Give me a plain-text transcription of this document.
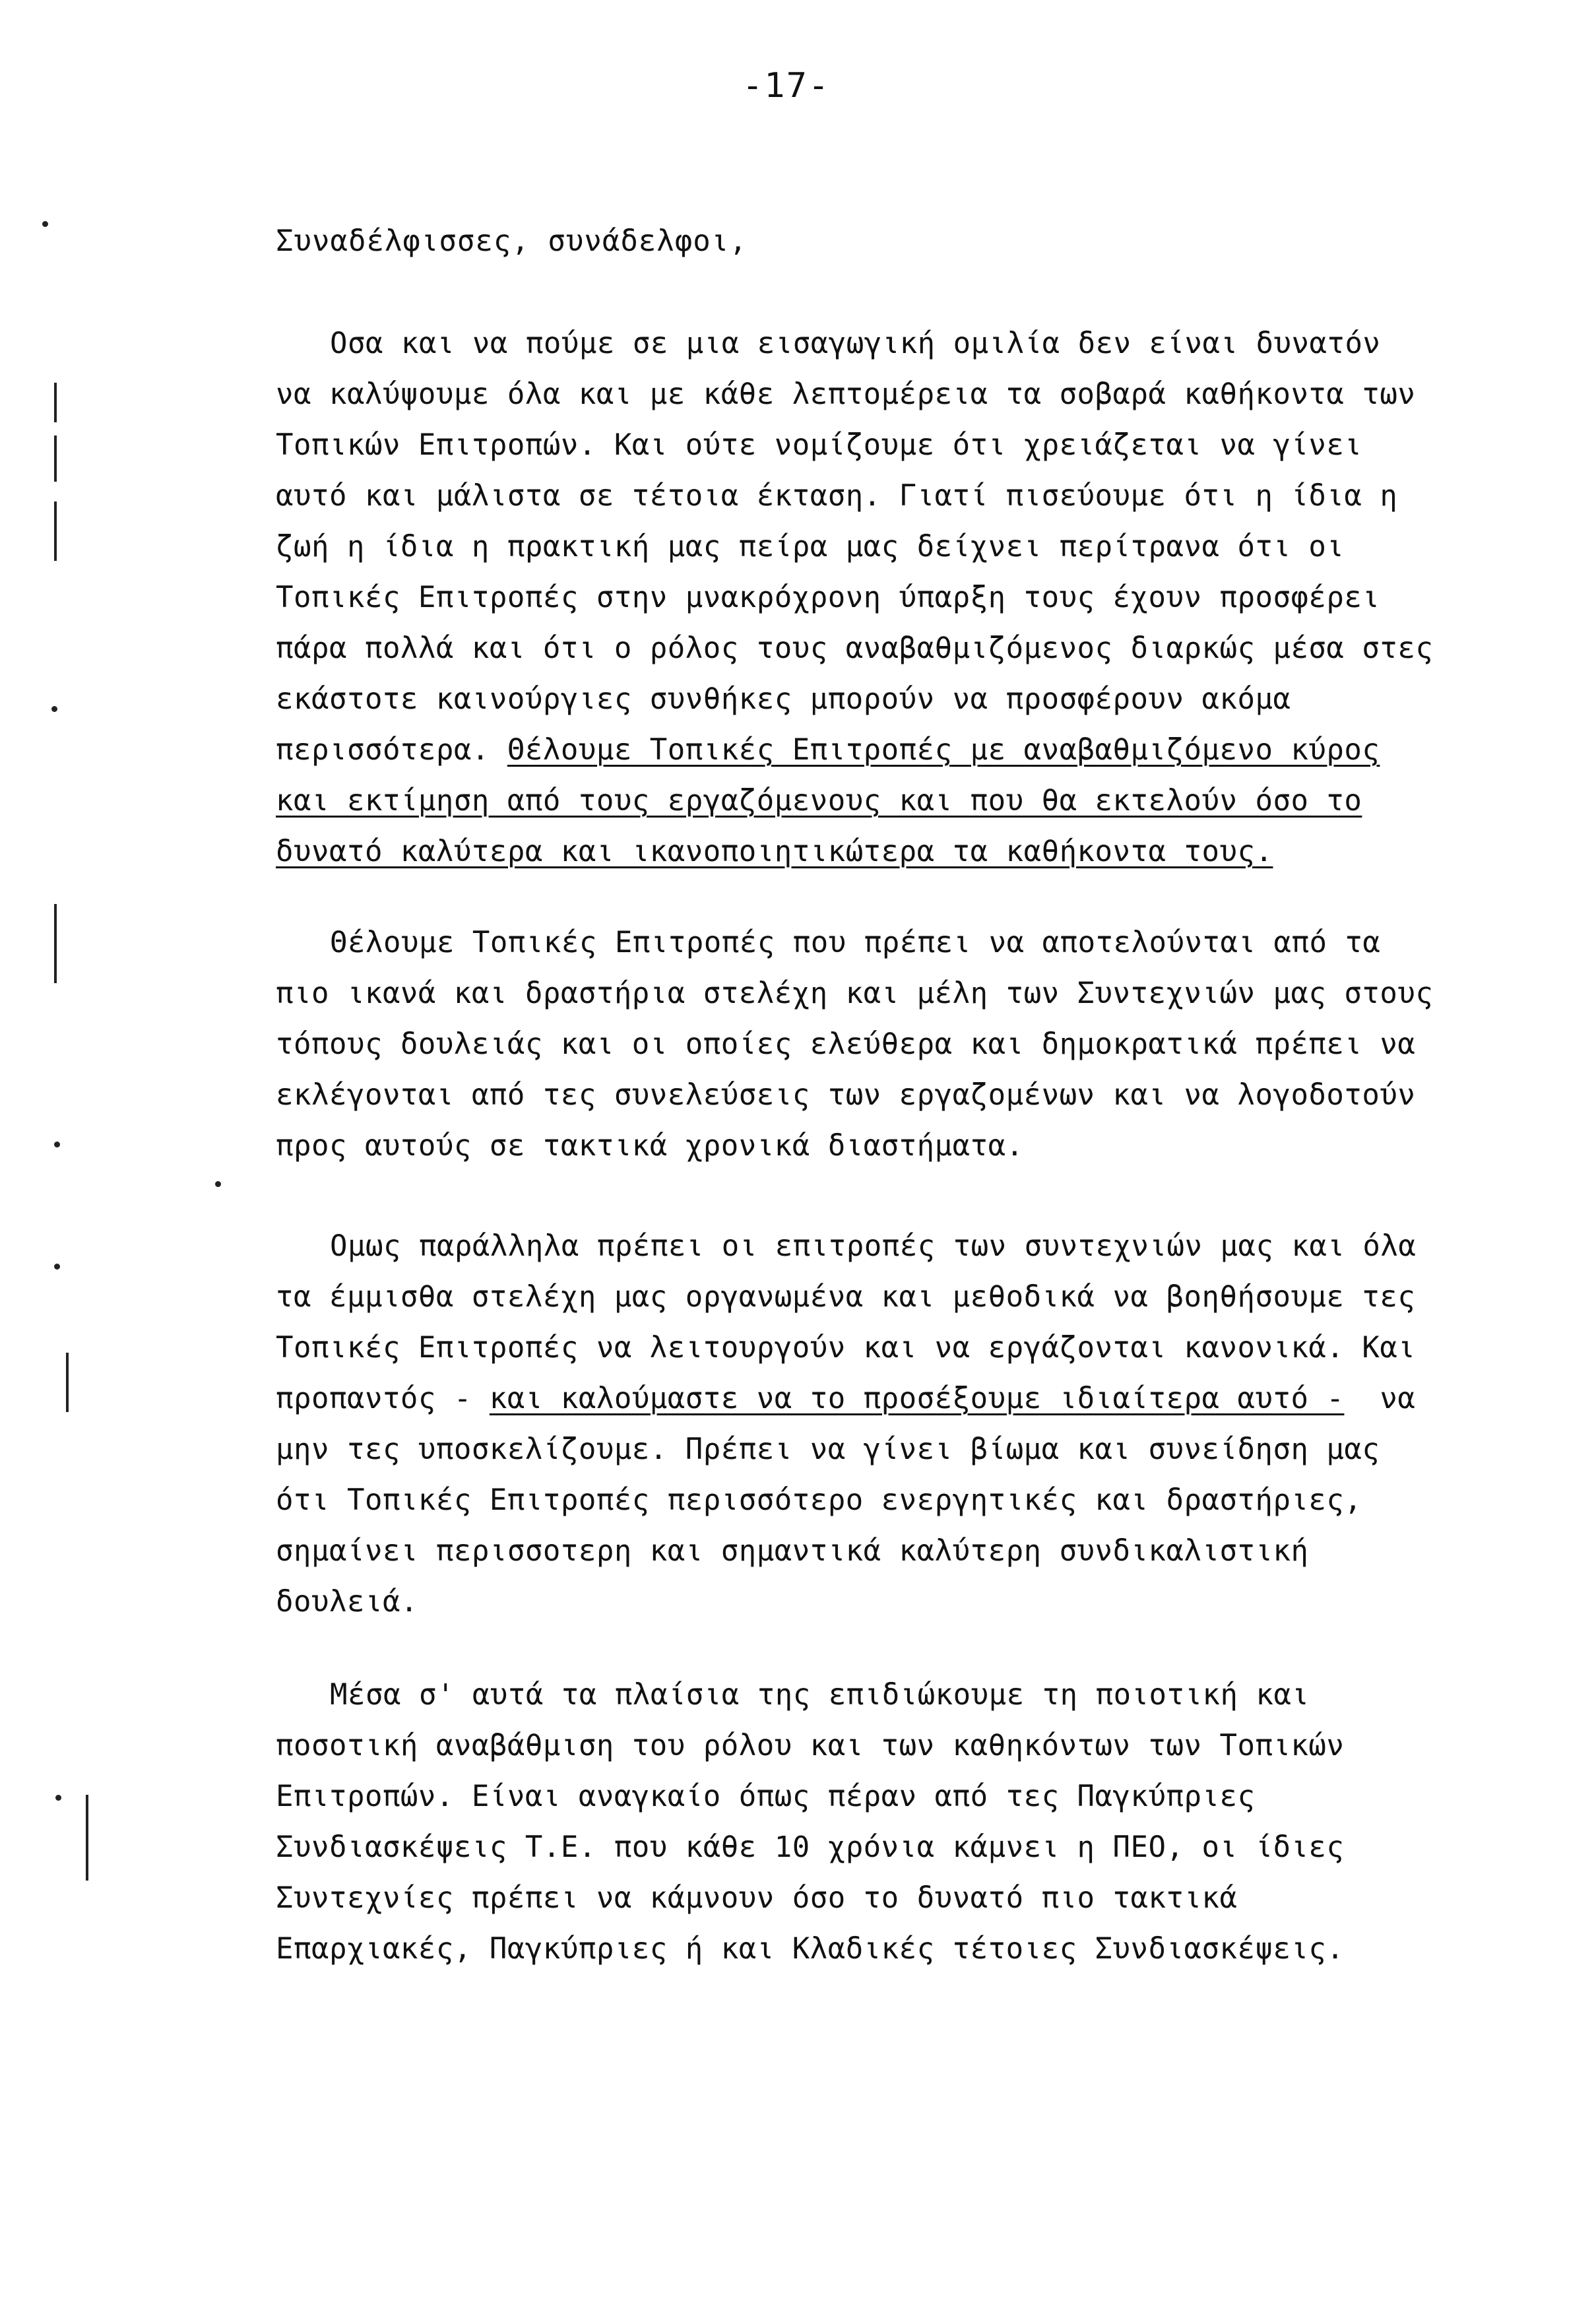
-17-
Συναδέλφισσες, συνάδελφοι,
Οσα και να πούμε σε μια εισαγωγική ομιλία δεν είναι δυνατόν
να καλύψουμε όλα και με κάθε λεπτομέρεια τα σοβαρά καθήκοντα των
Τοπικών Επιτροπών. Και ούτε νομίζουμε ότι χρειάζεται να γίνει
αυτό και μάλιστα σε τέτοια έκταση. Γιατί πισεύουμε ότι η ίδια η
ζωή η ίδια η πρακτική μας πείρα μας δείχνει περίτρανα ότι οι
Τοπικές Επιτροπές στην μνακρόχρονη ύπαρξη τους έχουν προσφέρει
πάρα πολλά και ότι ο ρόλος τους αναβαθμιζόμενος διαρκώς μέσα στες
εκάστοτε καινούργιες συνθήκες μπορούν να προσφέρουν ακόμα
περισσότερα. Θέλουμε Τοπικές Επιτροπές με αναβαθμιζόμενο κύρος
και εκτίμηση από τους εργαζόμενους και που θα εκτελούν όσο το
δυνατό καλύτερα και ικανοποιητικώτερα τα καθήκοντα τους.
Θέλουμε Τοπικές Επιτροπές που πρέπει να αποτελούνται από τα
πιο ικανά και δραστήρια στελέχη και μέλη των Συντεχνιών μας στους
τόπους δουλειάς και οι οποίες ελεύθερα και δημοκρατικά πρέπει να
εκλέγονται από τες συνελεύσεις των εργαζομένων και να λογοδοτούν
προς αυτούς σε τακτικά χρονικά διαστήματα.
Ομως παράλληλα πρέπει οι επιτροπές των συντεχνιών μας και όλα
τα έμμισθα στελέχη μας οργανωμένα και μεθοδικά να βοηθήσουμε τες
Τοπικές Επιτροπές να λειτουργούν και να εργάζονται κανονικά. Και
προπαντός - και καλούμαστε να το προσέξουμε ιδιαίτερα αυτό -  να
μην τες υποσκελίζουμε. Πρέπει να γίνει βίωμα και συνείδηση μας
ότι Τοπικές Επιτροπές περισσότερο ενεργητικές και δραστήριες,
σημαίνει περισσοτερη και σημαντικά καλύτερη συνδικαλιστική
δουλειά.
Μέσα σ' αυτά τα πλαίσια της επιδιώκουμε τη ποιοτική και
ποσοτική αναβάθμιση του ρόλου και των καθηκόντων των Τοπικών
Επιτροπών. Είναι αναγκαίο όπως πέραν από τες Παγκύπριες
Συνδιασκέψεις Τ.Ε. που κάθε 10 χρόνια κάμνει η ΠΕΟ, οι ίδιες
Συντεχνίες πρέπει να κάμνουν όσο το δυνατό πιο τακτικά
Επαρχιακές, Παγκύπριες ή και Κλαδικές τέτοιες Συνδιασκέψεις.
